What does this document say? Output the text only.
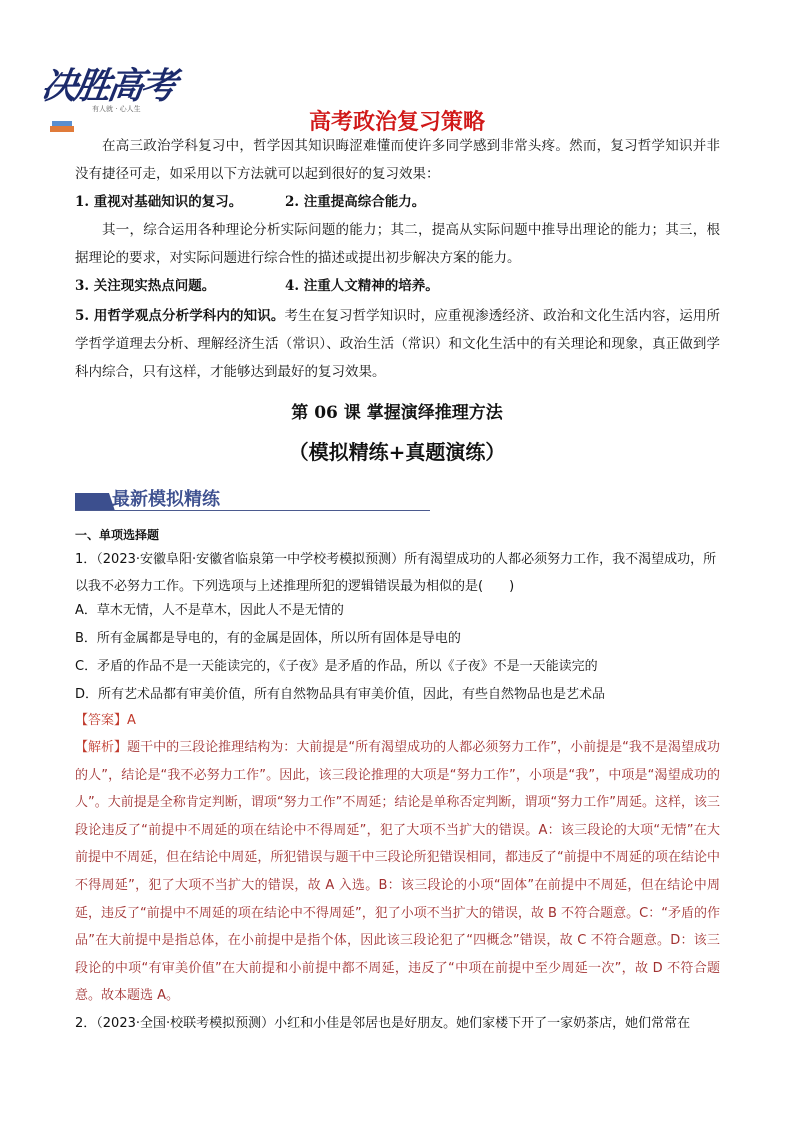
决胜高考
有人就 · 心人生
高考政治复习策略
在高三政治学科复习中，哲学因其知识晦涩难懂而使许多同学感到非常头疼。然而，复习哲学知识并非没有捷径可走，如采用以下方法就可以起到很好的复习效果：
1. 重视对基础知识的复习。	2. 注重提高综合能力。
其一，综合运用各种理论分析实际问题的能力；其二，提高从实际问题中推导出理论的能力；其三，根据理论的要求，对实际问题进行综合性的描述或提出初步解决方案的能力。
3. 关注现实热点问题。	4. 注重人文精神的培养。
5. 用哲学观点分析学科内的知识。考生在复习哲学知识时，应重视渗透经济、政治和文化生活内容，运用所学哲学道理去分析、理解经济生活（常识）、政治生活（常识）和文化生活中的有关理论和现象，真正做到学科内综合，只有这样，才能够达到最好的复习效果。
第 06 课 掌握演绎推理方法
（模拟精练+真题演练）
最新模拟精练
一、单项选择题
1．（2023·安徽阜阳·安徽省临泉第一中学校考模拟预测）所有渴望成功的人都必须努力工作，我不渴望成功，所以我不必努力工作。下列选项与上述推理所犯的逻辑错误最为相似的是(　　)
A．草木无情，人不是草木，因此人不是无情的
B．所有金属都是导电的，有的金属是固体，所以所有固体是导电的
C．矛盾的作品不是一天能读完的，《子夜》是矛盾的作品，所以《子夜》不是一天能读完的
D．所有艺术品都有审美价值，所有自然物品具有审美价值，因此，有些自然物品也是艺术品
【答案】A
【解析】题干中的三段论推理结构为：大前提是“所有渴望成功的人都必须努力工作”，小前提是“我不是渴望成功的人”，结论是“我不必努力工作”。因此，该三段论推理的大项是“努力工作”，小项是“我”，中项是“渴望成功的人”。大前提是全称肯定判断，谓项“努力工作”不周延；结论是单称否定判断，谓项“努力工作”周延。这样，该三段论违反了“前提中不周延的项在结论中不得周延”，犯了大项不当扩大的错误。A：该三段论的大项“无情”在大前提中不周延，但在结论中周延，所犯错误与题干中三段论所犯错误相同，都违反了“前提中不周延的项在结论中不得周延”，犯了大项不当扩大的错误，故 A 入选。B：该三段论的小项“固体”在前提中不周延，但在结论中周延，违反了“前提中不周延的项在结论中不得周延”，犯了小项不当扩大的错误，故 B 不符合题意。C：“矛盾的作品”在大前提中是指总体，在小前提中是指个体，因此该三段论犯了“四概念”错误，故 C 不符合题意。D：该三段论的中项“有审美价值”在大前提和小前提中都不周延，违反了“中项在前提中至少周延一次”，故 D 不符合题意。故本题选 A。
2．（2023·全国·校联考模拟预测）小红和小佳是邻居也是好朋友。她们家楼下开了一家奶茶店，她们常常在
